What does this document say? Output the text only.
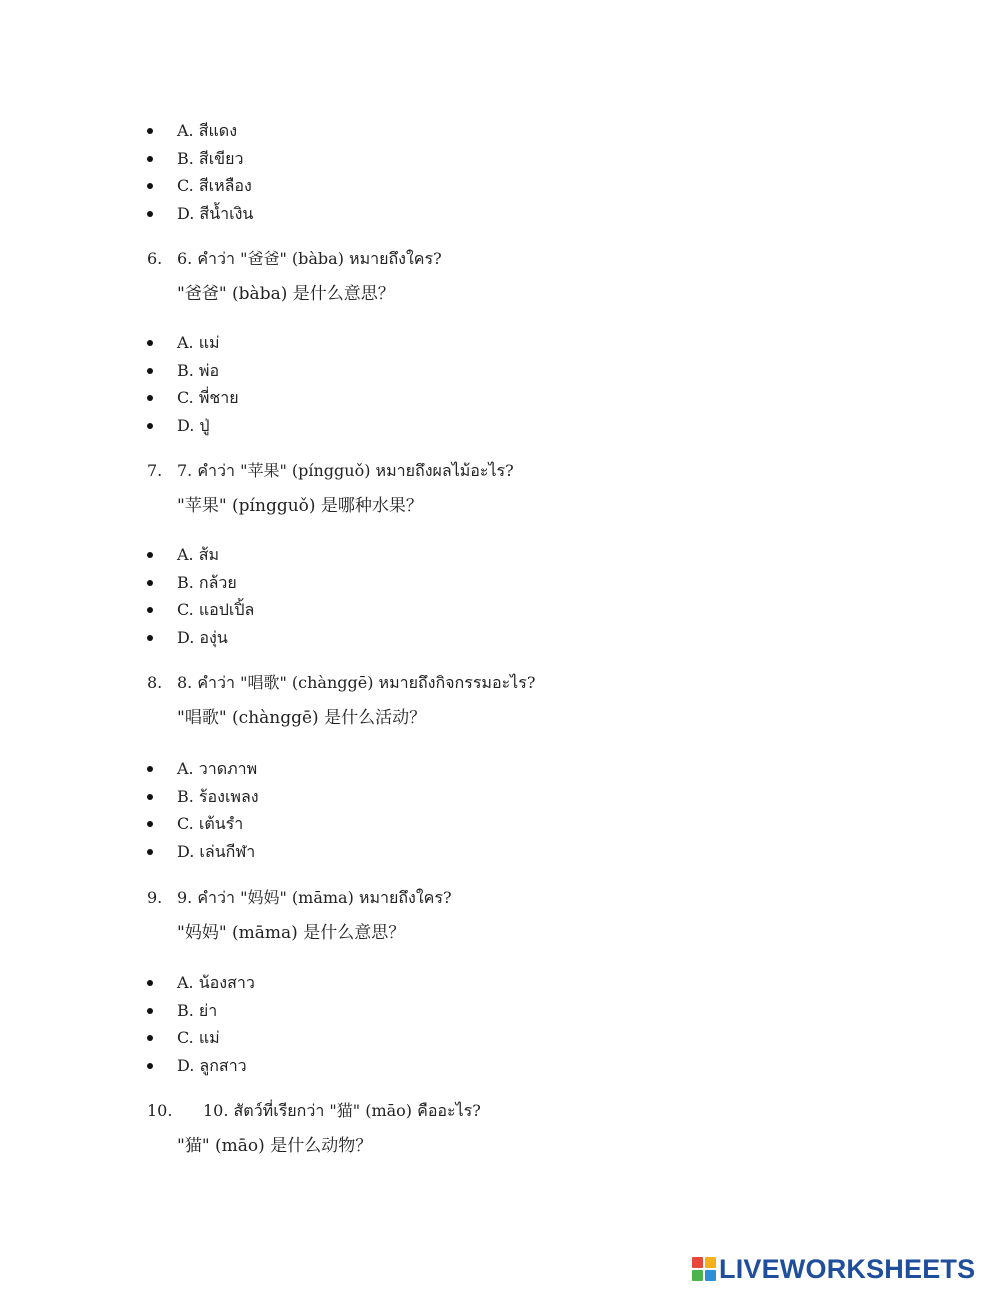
A. สีแดง
B. สีเขียว
C. สีเหลือง
D. สีน้ำเงิน
6. 6. คำว่า "爸爸" (bàba) หมายถึงใคร?
"爸爸" (bàba) 是什么意思？
A. แม่
B. พ่อ
C. พี่ชาย
D. ปู่
7. 7. คำว่า "苹果" (píngguǒ) หมายถึงผลไม้อะไร?
"苹果" (píngguǒ) 是哪种水果？
A. ส้ม
B. กล้วย
C. แอปเปิ้ล
D. องุ่น
8. 8. คำว่า "唱歌" (chànggē) หมายถึงกิจกรรมอะไร?
"唱歌" (chànggē) 是什么活动？
A. วาดภาพ
B. ร้องเพลง
C. เต้นรำ
D. เล่นกีฬา
9. 9. คำว่า "妈妈" (māma) หมายถึงใคร?
"妈妈" (māma) 是什么意思？
A. น้องสาว
B. ย่า
C. แม่
D. ลูกสาว
10. 10. สัตว์ที่เรียกว่า "猫" (māo) คืออะไร?
"猫" (māo) 是什么动物？
LIVEWORKSHEETS
